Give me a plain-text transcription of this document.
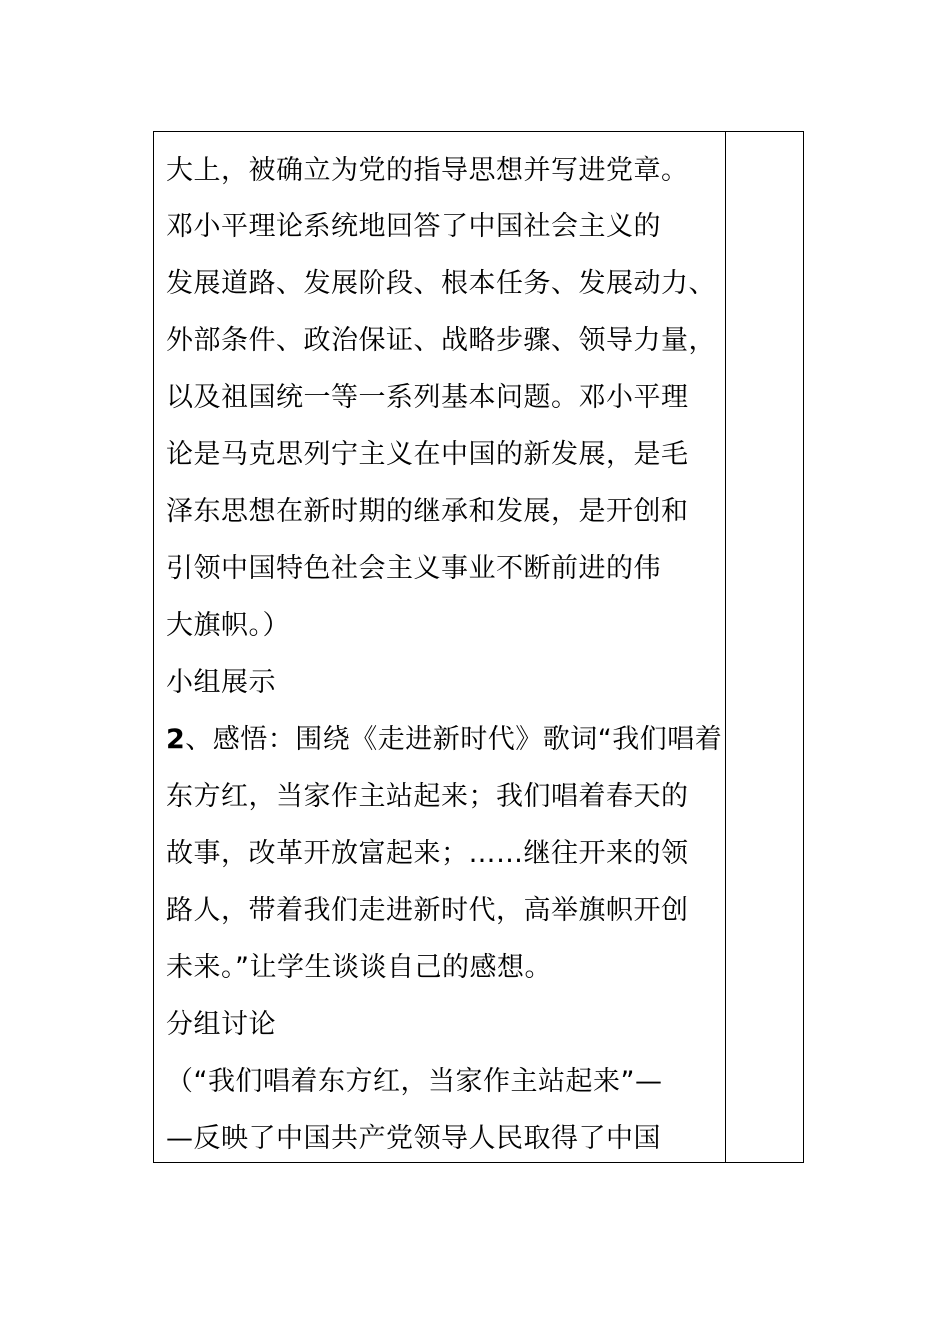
大上，被确立为党的指导思想并写进党章。
邓小平理论系统地回答了中国社会主义的
发展道路、发展阶段、根本任务、发展动力、
外部条件、政治保证、战略步骤、领导力量，
以及祖国统一等一系列基本问题。邓小平理
论是马克思列宁主义在中国的新发展，是毛
泽东思想在新时期的继承和发展，是开创和
引领中国特色社会主义事业不断前进的伟
大旗帜。）
小组展示
2、感悟：围绕《走进新时代》歌词“我们唱着
东方红，当家作主站起来；我们唱着春天的
故事，改革开放富起来；……继往开来的领
路人，带着我们走进新时代，高举旗帜开创
未来。”让学生谈谈自己的感想。
分组讨论
（“我们唱着东方红，当家作主站起来”—
—反映了中国共产党领导人民取得了中国
